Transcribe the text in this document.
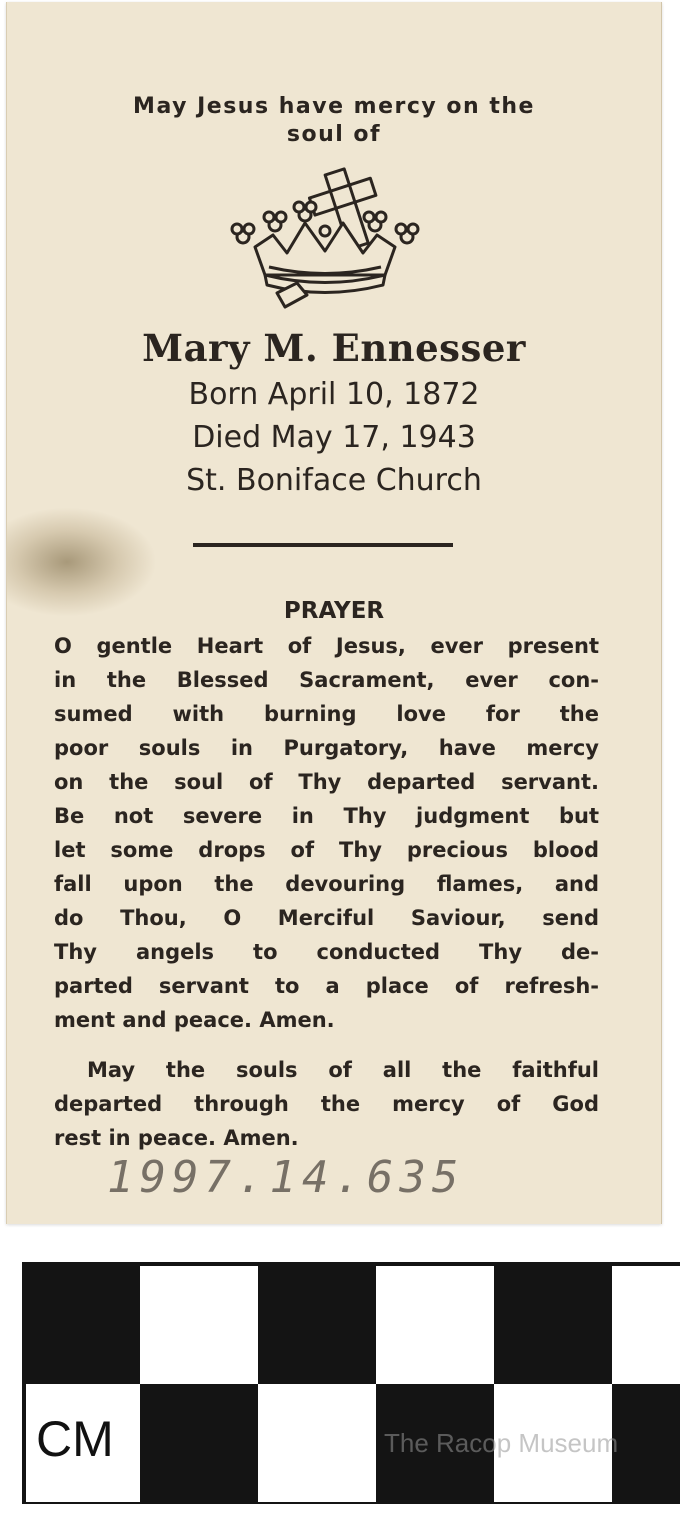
May Jesus have mercy on the
soul of
Mary M. Ennesser
Born April 10, 1872
Died May 17, 1943
St. Boniface Church
PRAYER
O gentle Heart of Jesus, ever present
in the Blessed Sacrament, ever con-
sumed with burning love for the
poor souls in Purgatory, have mercy
on the soul of Thy departed servant.
Be not severe in Thy judgment but
let some drops of Thy precious blood
fall upon the devouring flames, and
do Thou, O Merciful Saviour, send
Thy angels to conducted Thy de-
parted servant to a place of refresh-
ment and peace. Amen.
May the souls of all the faithful
departed through the mercy of God
rest in peace. Amen.
1997.14.635
CM	The Racop Museum
